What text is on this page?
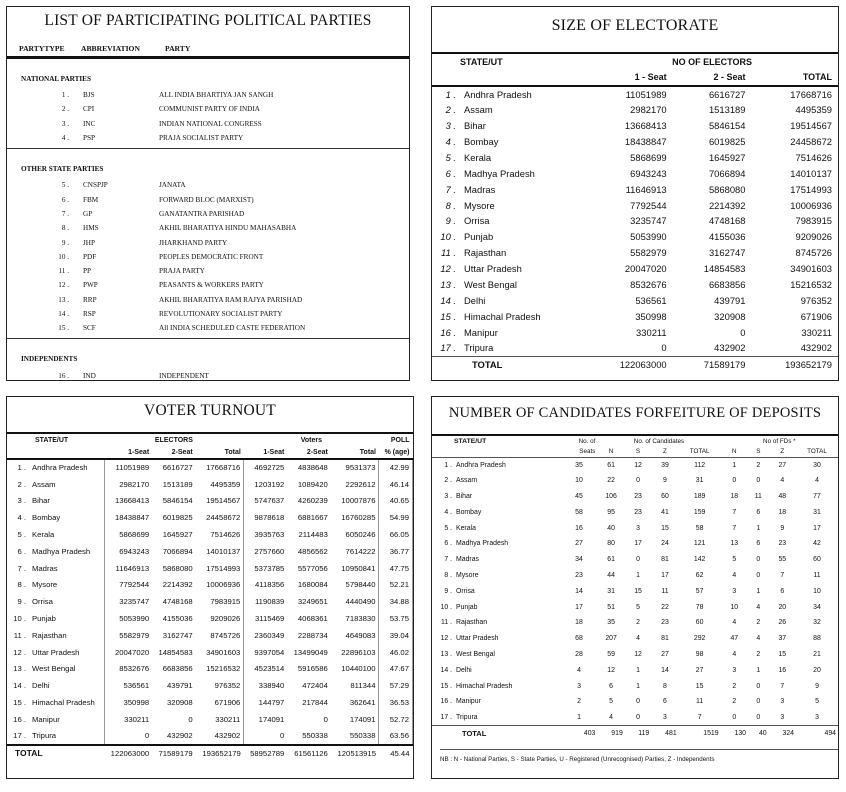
LIST OF PARTICIPATING POLITICAL PARTIES
PARTYTYPE	ABBREVIATION	PARTY
NATIONAL PARTIES
1 .	BJS	ALL INDIA BHARTIYA JAN SANGH
2 .	CPI	COMMUNIST PARTY OF INDIA
3 .	INC	INDIAN NATIONAL CONGRESS
4 .	PSP	PRAJA SOCIALIST PARTY
OTHER STATE PARTIES
5 .	CNSPJP	JANATA
6 .	FBM	FORWARD BLOC (MARXIST)
7 .	GP	GANATANTRA PARISHAD
8 .	HMS	AKHIL BHARATIYA HINDU MAHASABHA
9 .	JHP	JHARKHAND PARTY
10 .	PDF	PEOPLES DEMOCRATIC FRONT
11 .	PP	PRAJA PARTY
12 .	PWP	PEASANTS & WORKERS PARTY
13 .	RRP	AKHIL BHARATIYA RAM RAJYA PARISHAD
14 .	RSP	REVOLUTIONARY SOCIALIST PARTY
15 .	SCF	All INDIA SCHEDULED CASTE FEDERATION
INDEPENDENTS
16 .	IND	INDEPENDENT
SIZE OF ELECTORATE
STATE/UT		NO OF ELECTORS		
		1 - Seat	2 - Seat	TOTAL
1 .	Andhra Pradesh	11051989	6616727	17668716
2 .	Assam	2982170	1513189	4495359
3 .	Bihar	13668413	5846154	19514567
4 .	Bombay	18438847	6019825	24458672
5 .	Kerala	5868699	1645927	7514626
6 .	Madhya Pradesh	6943243	7066894	14010137
7 .	Madras	11646913	5868080	17514993
8 .	Mysore	7792544	2214392	10006936
9 .	Orrisa	3235747	4748168	7983915
10 .	Punjab	5053990	4155036	9209026
11 .	Rajasthan	5582979	3162747	8745726
12 .	Uttar Pradesh	20047020	14854583	34901603
13 .	West Bengal	8532676	6683856	15216532
14 .	Delhi	536561	439791	976352
15 .	Himachal Pradesh	350998	320908	671906
16 .	Manipur	330211	0	330211
17 .	Tripura	0	432902	432902
TOTAL		122063000	71589179	193652179
VOTER TURNOUT
STATE/UT		ELECTORS			Voters			POLL
		1-Seat	2-Seat	Total	1-Seat	2-Seat	Total	% (age)
1 .	Andhra Pradesh	11051989	6616727	17668716	4692725	4838648	9531373	42.99
2 .	Assam	2982170	1513189	4495359	1203192	1089420	2292612	46.14
3 .	Bihar	13668413	5846154	19514567	5747637	4260239	10007876	40.65
4 .	Bombay	18438847	6019825	24458672	9878618	6881667	16760285	54.99
5 .	Kerala	5868699	1645927	7514626	3935763	2114483	6050246	66.05
6 .	Madhya Pradesh	6943243	7066894	14010137	2757660	4856562	7614222	36.77
7 .	Madras	11646913	5868080	17514993	5373785	5577056	10950841	47.75
8 .	Mysore	7792544	2214392	10006936	4118356	1680084	5798440	52.21
9 .	Orrisa	3235747	4748168	7983915	1190839	3249651	4440490	34.88
10 .	Punjab	5053990	4155036	9209026	3115469	4068361	7183830	53.75
11 .	Rajasthan	5582979	3162747	8745726	2360349	2288734	4649083	39.04
12 .	Uttar Pradesh	20047020	14854583	34901603	9397054	13499049	22896103	46.02
13 .	West Bengal	8532676	6683856	15216532	4523514	5916586	10440100	47.67
14 .	Delhi	536561	439791	976352	338940	472404	811344	57.29
15 .	Himachal Pradesh	350998	320908	671906	144797	217844	362641	36.53
16 .	Manipur	330211	0	330211	174091	0	174091	52.72
17 .	Tripura	0	432902	432902	0	550338	550338	63.56
TOTAL		122063000	71589179	193652179	58952789	61561126	120513915	45.44
NUMBER OF CANDIDATES FORFEITURE OF DEPOSITS
STATE/UT		No. of	No. of Candidates				No of FDs *			
		Seats	N	S	Z	TOTAL	N	S	Z	TOTAL
1 .	Andhra Pradesh	35	61	12	39	112	1	2	27	30
2 .	Assam	10	22	0	9	31	0	0	4	4
3 .	Bihar	45	106	23	60	189	18	11	48	77
4 .	Bombay	58	95	23	41	159	7	6	18	31
5 .	Kerala	16	40	3	15	58	7	1	9	17
6 .	Madhya Pradesh	27	80	17	24	121	13	6	23	42
7 .	Madras	34	61	0	81	142	5	0	55	60
8 .	Mysore	23	44	1	17	62	4	0	7	11
9 .	Orrisa	14	31	15	11	57	3	1	6	10
10 .	Punjab	17	51	5	22	78	10	4	20	34
11 .	Rajasthan	18	35	2	23	60	4	2	26	32
12 .	Uttar Pradesh	68	207	4	81	292	47	4	37	88
13 .	West Bengal	28	59	12	27	98	4	2	15	21
14 .	Delhi	4	12	1	14	27	3	1	16	20
15 .	Himachal Pradesh	3	6	1	8	15	2	0	7	9
16 .	Manipur	2	5	0	6	11	2	0	3	5
17 .	Tripura	1	4	0	3	7	0	0	3	3
TOTAL		403	919	119	481	1519	130	40	324	494
NB : N - National Parties, S - State Parties, U - Registered (Unrecognised) Parties, Z - Independents
